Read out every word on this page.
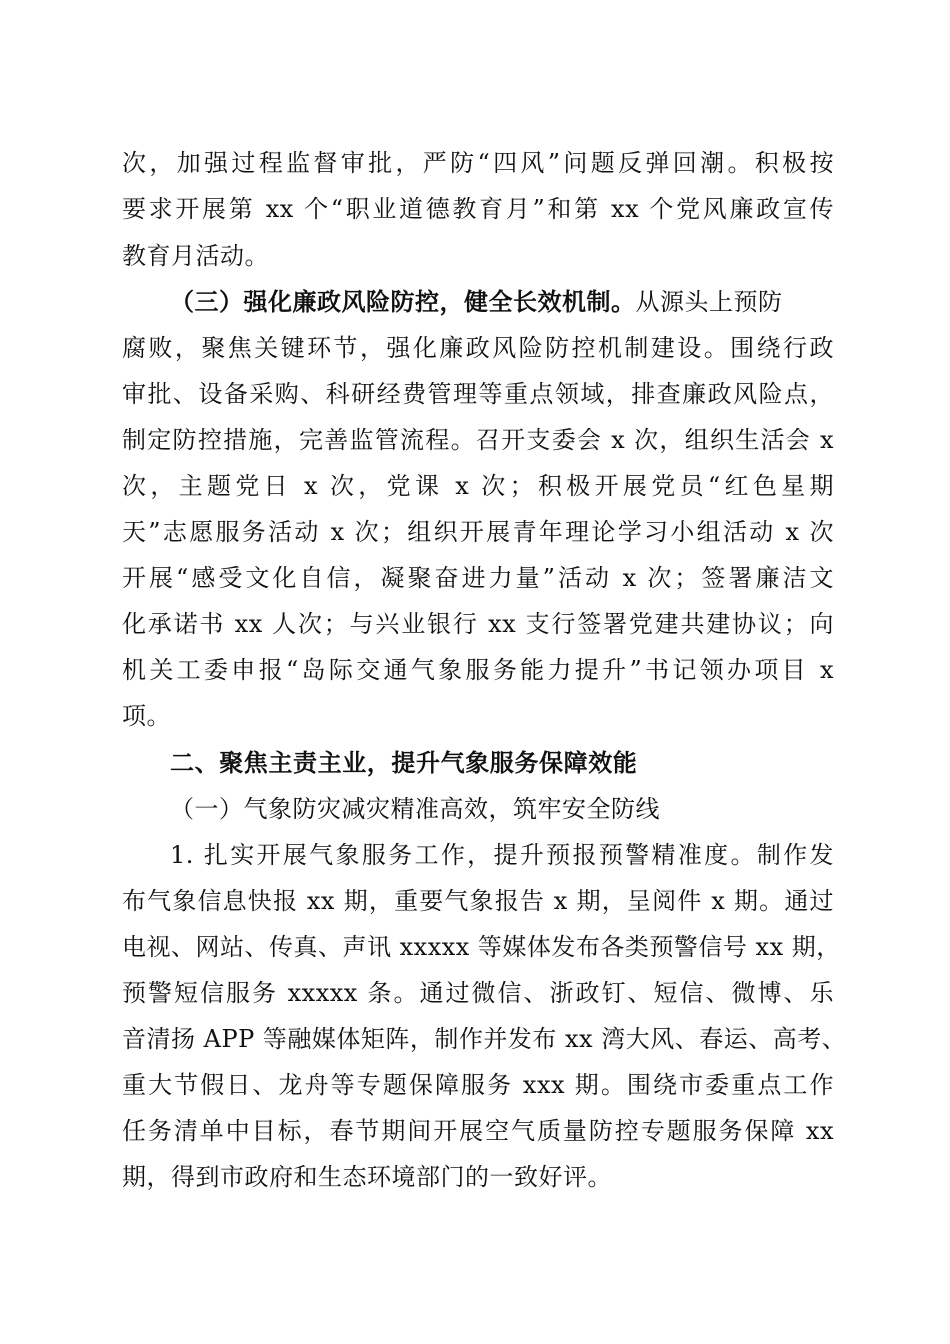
次，加强过程监督审批，严防“四风”问题反弹回潮。积极按
要求开展第 xx 个“职业道德教育月”和第 xx 个党风廉政宣传
教育月活动。
（三）强化廉政风险防控，健全长效机制。从源头上预防
腐败，聚焦关键环节，强化廉政风险防控机制建设。围绕行政
审批、设备采购、科研经费管理等重点领域，排查廉政风险点，
制定防控措施，完善监管流程。召开支委会 x 次，组织生活会 x
次，主题党日 x 次，党课 x 次；积极开展党员“红色星期
天”志愿服务活动 x 次；组织开展青年理论学习小组活动 x 次
开展“感受文化自信，凝聚奋进力量”活动 x 次；签署廉洁文
化承诺书 xx 人次；与兴业银行 xx 支行签署党建共建协议；向
机关工委申报“岛际交通气象服务能力提升”书记领办项目 x
项。
二、聚焦主责主业，提升气象服务保障效能
（一）气象防灾减灾精准高效，筑牢安全防线
1. 扎实开展气象服务工作，提升预报预警精准度。制作发
布气象信息快报 xx 期，重要气象报告 x 期，呈阅件 x 期。通过
电视、网站、传真、声讯 xxxxx 等媒体发布各类预警信号 xx 期，
预警短信服务 xxxxx 条。通过微信、浙政钉、短信、微博、乐
音清扬 APP 等融媒体矩阵，制作并发布 xx 湾大风、春运、高考、
重大节假日、龙舟等专题保障服务 xxx 期。围绕市委重点工作
任务清单中目标，春节期间开展空气质量防控专题服务保障 xx
期，得到市政府和生态环境部门的一致好评。
